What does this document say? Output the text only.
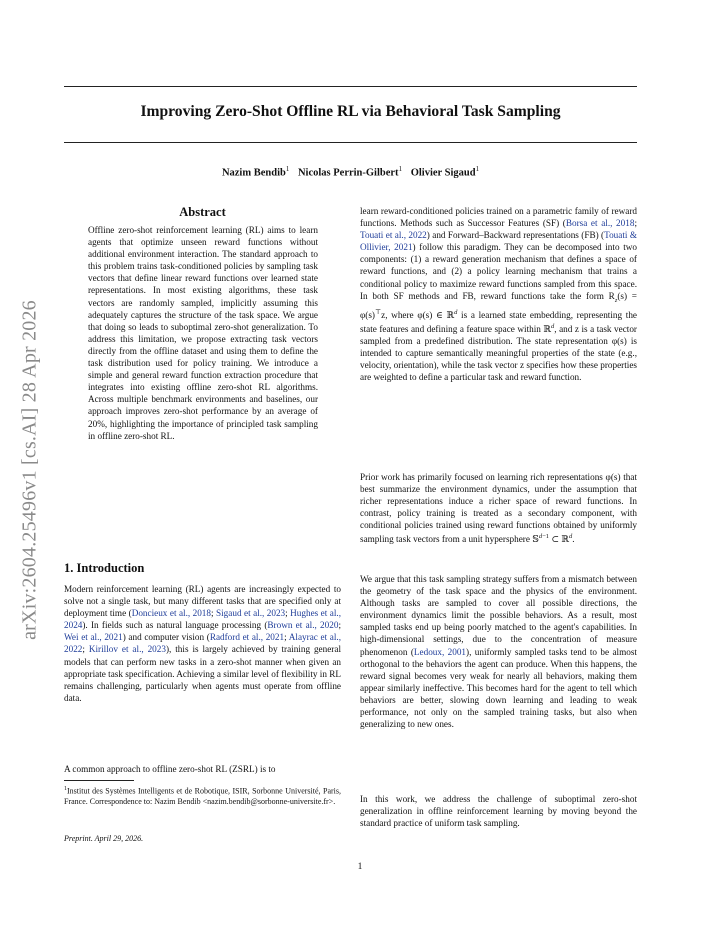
arXiv:2604.25496v1 [cs.AI] 28 Apr 2026
Improving Zero-Shot Offline RL via Behavioral Task Sampling
Nazim Bendib$^1$ Nicolas Perrin-Gilbert$^1$ Olivier Sigaud$^1$
Abstract
Offline zero-shot reinforcement learning (RL) aims to learn agents that optimize unseen reward functions without additional environment interaction. The standard approach to this problem trains task-conditioned policies by sampling task vectors that define linear reward functions over learned state representations. In most existing algorithms, these task vectors are randomly sampled, implicitly assuming this adequately captures the structure of the task space. We argue that doing so leads to suboptimal zero-shot generalization. To address this limitation, we propose extracting task vectors directly from the offline dataset and using them to define the task distribution used for policy training. We introduce a simple and general reward function extraction procedure that integrates into existing offline zero-shot RL algorithms. Across multiple benchmark environments and baselines, our approach improves zero-shot performance by an average of 20%, highlighting the importance of principled task sampling in offline zero-shot RL.
1. Introduction
Modern reinforcement learning (RL) agents are increasingly expected to solve not a single task, but many different tasks that are specified only at deployment time (Doncieux et al., 2018; Sigaud et al., 2023; Hughes et al., 2024). In fields such as natural language processing (Brown et al., 2020; Wei et al., 2021) and computer vision (Radford et al., 2021; Alayrac et al., 2022; Kirillov et al., 2023), this is largely achieved by training general models that can perform new tasks in a zero-shot manner when given an appropriate task specification. Achieving a similar level of flexibility in RL remains challenging, particularly when agents must operate from offline data.
A common approach to offline zero-shot RL (ZSRL) is to
$^1$Institut des Systèmes Intelligents et de Robotique, ISIR, Sorbonne Université, Paris, France. Correspondence to: Nazim Bendib <nazim.bendib@sorbonne-universite.fr>.
Preprint. April 29, 2026.
learn reward-conditioned policies trained on a parametric family of reward functions. Methods such as Successor Features (SF) (Borsa et al., 2018; Touati et al., 2022) and Forward–Backward representations (FB) (Touati & Ollivier, 2021) follow this paradigm. They can be decomposed into two components: (1) a reward generation mechanism that defines a space of reward functions, and (2) a policy learning mechanism that trains a conditional policy to maximize reward functions sampled from this space. In both SF methods and FB, reward functions take the form $R_z(s) = \varphi(s)^⊤z$, where φ(s) ∈ ℝ$^d$ is a learned state embedding, representing the state features and defining a feature space within ℝ$^d$, and z is a task vector sampled from a predefined distribution. The state representation φ(s) is intended to capture semantically meaningful properties of the state (e.g., velocity, orientation), while the task vector z specifies how these properties are weighted to define a particular task and reward function.
Prior work has primarily focused on learning rich representations φ(s) that best summarize the environment dynamics, under the assumption that richer representations induce a richer space of reward functions. In contrast, policy training is treated as a secondary component, with conditional policies trained using reward functions obtained by uniformly sampling task vectors from a unit hypersphere 𝕊$^{d-1}$ ⊂ ℝ$^d$.
We argue that this task sampling strategy suffers from a mismatch between the geometry of the task space and the physics of the environment. Although tasks are sampled to cover all possible directions, the environment dynamics limit the possible behaviors. As a result, most sampled tasks end up being poorly matched to the agent's capabilities. In high-dimensional settings, due to the concentration of measure phenomenon (Ledoux, 2001), uniformly sampled tasks tend to be almost orthogonal to the behaviors the agent can produce. When this happens, the reward signal becomes very weak for nearly all behaviors, making them appear similarly ineffective. This becomes hard for the agent to tell which behaviors are better, slowing down learning and leading to weak performance, not only on the sampled training tasks, but also when generalizing to new ones.
In this work, we address the challenge of suboptimal zero-shot generalization in offline reinforcement learning by moving beyond the standard practice of uniform task sampling.
1
